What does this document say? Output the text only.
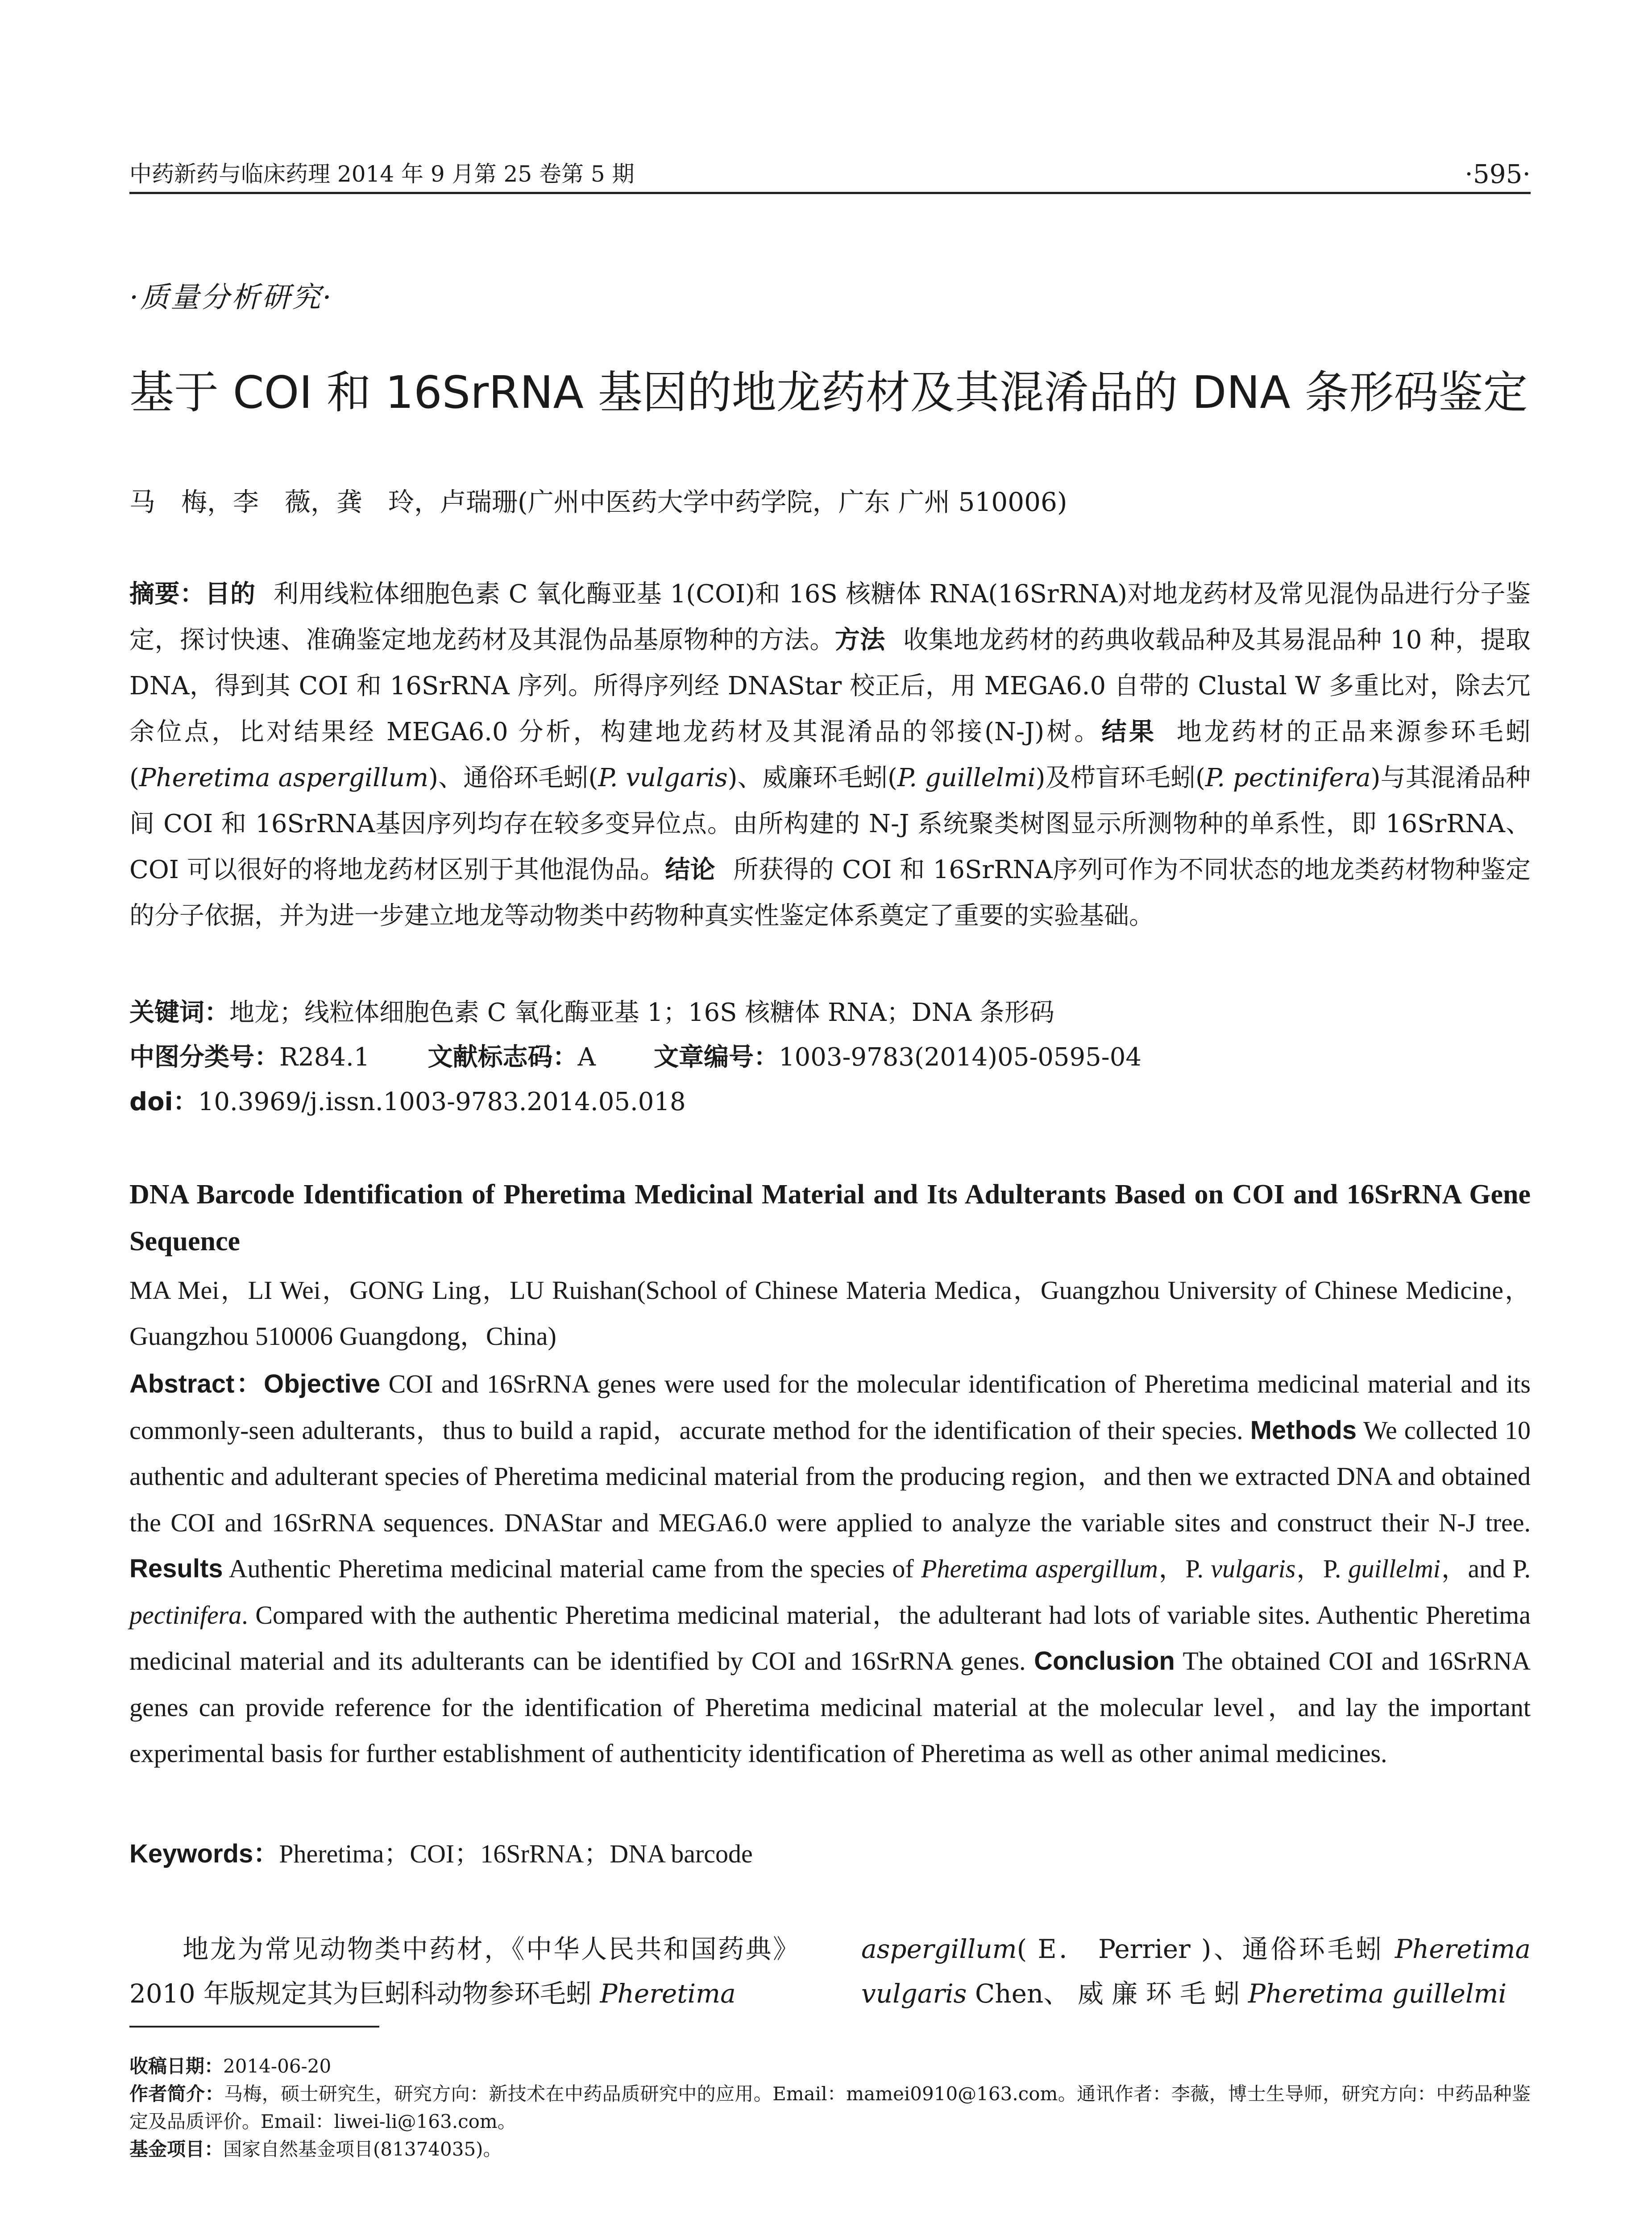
中药新药与临床药理 2014 年 9 月第 25 卷第 5 期	·595·
·质量分析研究·
基于 COI 和 16SrRNA 基因的地龙药材及其混淆品的 DNA 条形码鉴定
马　梅，李　薇，龚　玲，卢瑞珊(广州中医药大学中药学院，广东 广州 510006)
摘要：目的 利用线粒体细胞色素 C 氧化酶亚基 1(COI)和 16S 核糖体 RNA(16SrRNA)对地龙药材及常见混伪品进行分子鉴定，探讨快速、准确鉴定地龙药材及其混伪品基原物种的方法。方法 收集地龙药材的药典收载品种及其易混品种 10 种，提取 DNA，得到其 COI 和 16SrRNA 序列。所得序列经 DNAStar 校正后，用 MEGA6.0 自带的 Clustal W 多重比对，除去冗余位点，比对结果经 MEGA6.0 分析，构建地龙药材及其混淆品的邻接(N-J)树。结果 地龙药材的正品来源参环毛蚓(Pheretima aspergillum)、通俗环毛蚓(P. vulgaris)、威廉环毛蚓(P. guillelmi)及栉盲环毛蚓(P. pectinifera)与其混淆品种间 COI 和 16SrRNA基因序列均存在较多变异位点。由所构建的 N-J 系统聚类树图显示所测物种的单系性，即 16SrRNA、COI 可以很好的将地龙药材区别于其他混伪品。结论 所获得的 COI 和 16SrRNA序列可作为不同状态的地龙类药材物种鉴定的分子依据，并为进一步建立地龙等动物类中药物种真实性鉴定体系奠定了重要的实验基础。
关键词：地龙；线粒体细胞色素 C 氧化酶亚基 1；16S 核糖体 RNA；DNA 条形码
中图分类号：R284.1 文献标志码：A 文章编号：1003-9783(2014)05-0595-04
doi：10.3969/j.issn.1003-9783.2014.05.018
DNA Barcode Identification of Pheretima Medicinal Material and Its Adulterants Based on COI and 16SrRNA Gene Sequence
MA Mei，LI Wei，GONG Ling，LU Ruishan(School of Chinese Materia Medica，Guangzhou University of Chinese Medicine，Guangzhou 510006 Guangdong，China)
Abstract：Objective COI and 16SrRNA genes were used for the molecular identification of Pheretima medicinal material and its commonly-seen adulterants，thus to build a rapid，accurate method for the identification of their species. Methods We collected 10 authentic and adulterant species of Pheretima medicinal material from the producing region，and then we extracted DNA and obtained the COI and 16SrRNA sequences. DNAStar and MEGA6.0 were applied to analyze the variable sites and construct their N-J tree. Results Authentic Pheretima medicinal material came from the species of Pheretima aspergillum，P. vulgaris，P. guillelmi，and P. pectinifera. Compared with the authentic Pheretima medicinal material，the adulterant had lots of variable sites. Authentic Pheretima medicinal material and its adulterants can be identified by COI and 16SrRNA genes. Conclusion The obtained COI and 16SrRNA genes can provide reference for the identification of Pheretima medicinal material at the molecular level，and lay the important experimental basis for further establishment of authenticity identification of Pheretima as well as other animal medicines.
Keywords：Pheretima；COI；16SrRNA；DNA barcode
地龙为常见动物类中药材，《中华人民共和国药典》2010 年版规定其为巨蚓科动物参环毛蚓 Pheretima
aspergillum( E． Perrier )、通俗环毛蚓 Pheretima vulgaris Chen、 威 廉 环 毛 蚓 Pheretima guillelmi
收稿日期：2014-06-20
作者简介：马梅，硕士研究生，研究方向：新技术在中药品质研究中的应用。Email：mamei0910@163.com。通讯作者：李薇，博士生导师，研究方向：中药品种鉴定及品质评价。Email：liwei-li@163.com。
基金项目：国家自然基金项目(81374035)。
